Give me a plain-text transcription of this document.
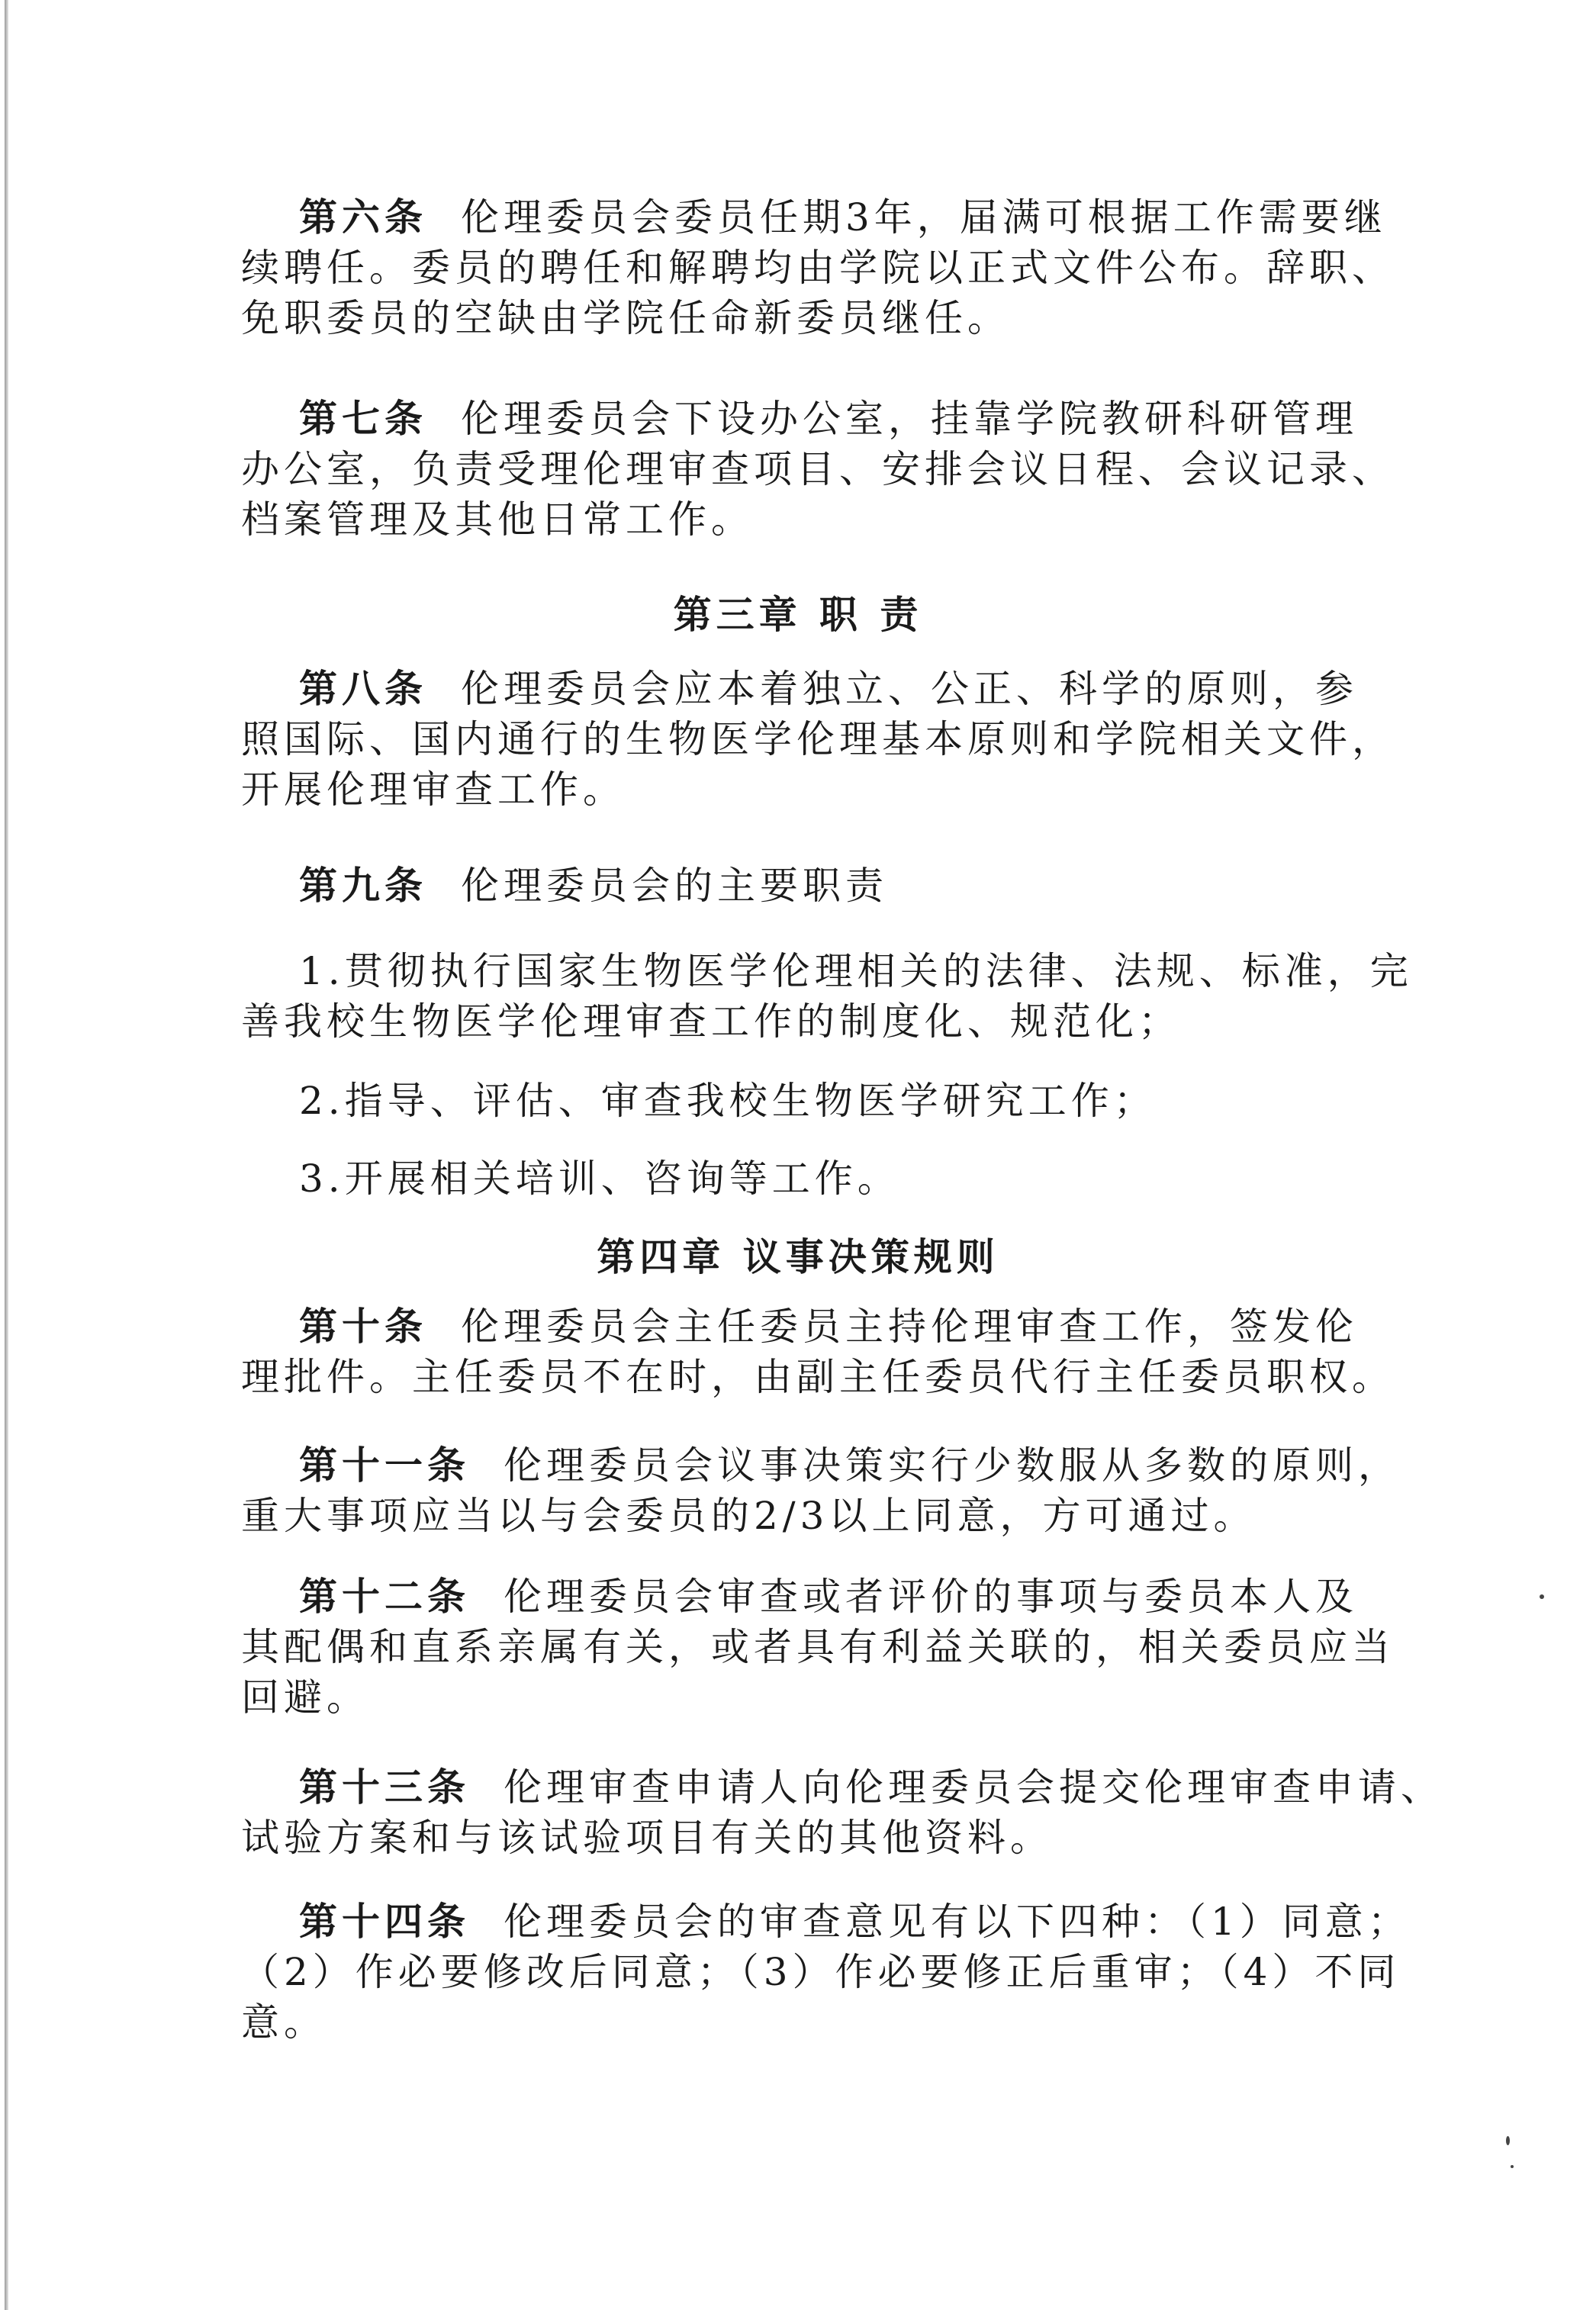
第六条 伦理委员会委员任期3年，届满可根据工作需要继
续聘任。委员的聘任和解聘均由学院以正式文件公布。辞职、
免职委员的空缺由学院任命新委员继任。
第七条 伦理委员会下设办公室，挂靠学院教研科研管理
办公室，负责受理伦理审查项目、安排会议日程、会议记录、
档案管理及其他日常工作。
第三章 职 责
第八条 伦理委员会应本着独立、公正、科学的原则，参
照国际、国内通行的生物医学伦理基本原则和学院相关文件，
开展伦理审查工作。
第九条 伦理委员会的主要职责
1.贯彻执行国家生物医学伦理相关的法律、法规、标准，完
善我校生物医学伦理审查工作的制度化、规范化；
2.指导、评估、审查我校生物医学研究工作；
3.开展相关培训、咨询等工作。
第四章 议事决策规则
第十条 伦理委员会主任委员主持伦理审查工作，签发伦
理批件。主任委员不在时，由副主任委员代行主任委员职权。
第十一条 伦理委员会议事决策实行少数服从多数的原则，
重大事项应当以与会委员的2/3以上同意，方可通过。
第十二条 伦理委员会审查或者评价的事项与委员本人及
其配偶和直系亲属有关，或者具有利益关联的，相关委员应当
回避。
第十三条 伦理审查申请人向伦理委员会提交伦理审查申请、
试验方案和与该试验项目有关的其他资料。
第十四条 伦理委员会的审查意见有以下四种：（1）同意；
（2）作必要修改后同意；（3）作必要修正后重审；（4）不同
意。
